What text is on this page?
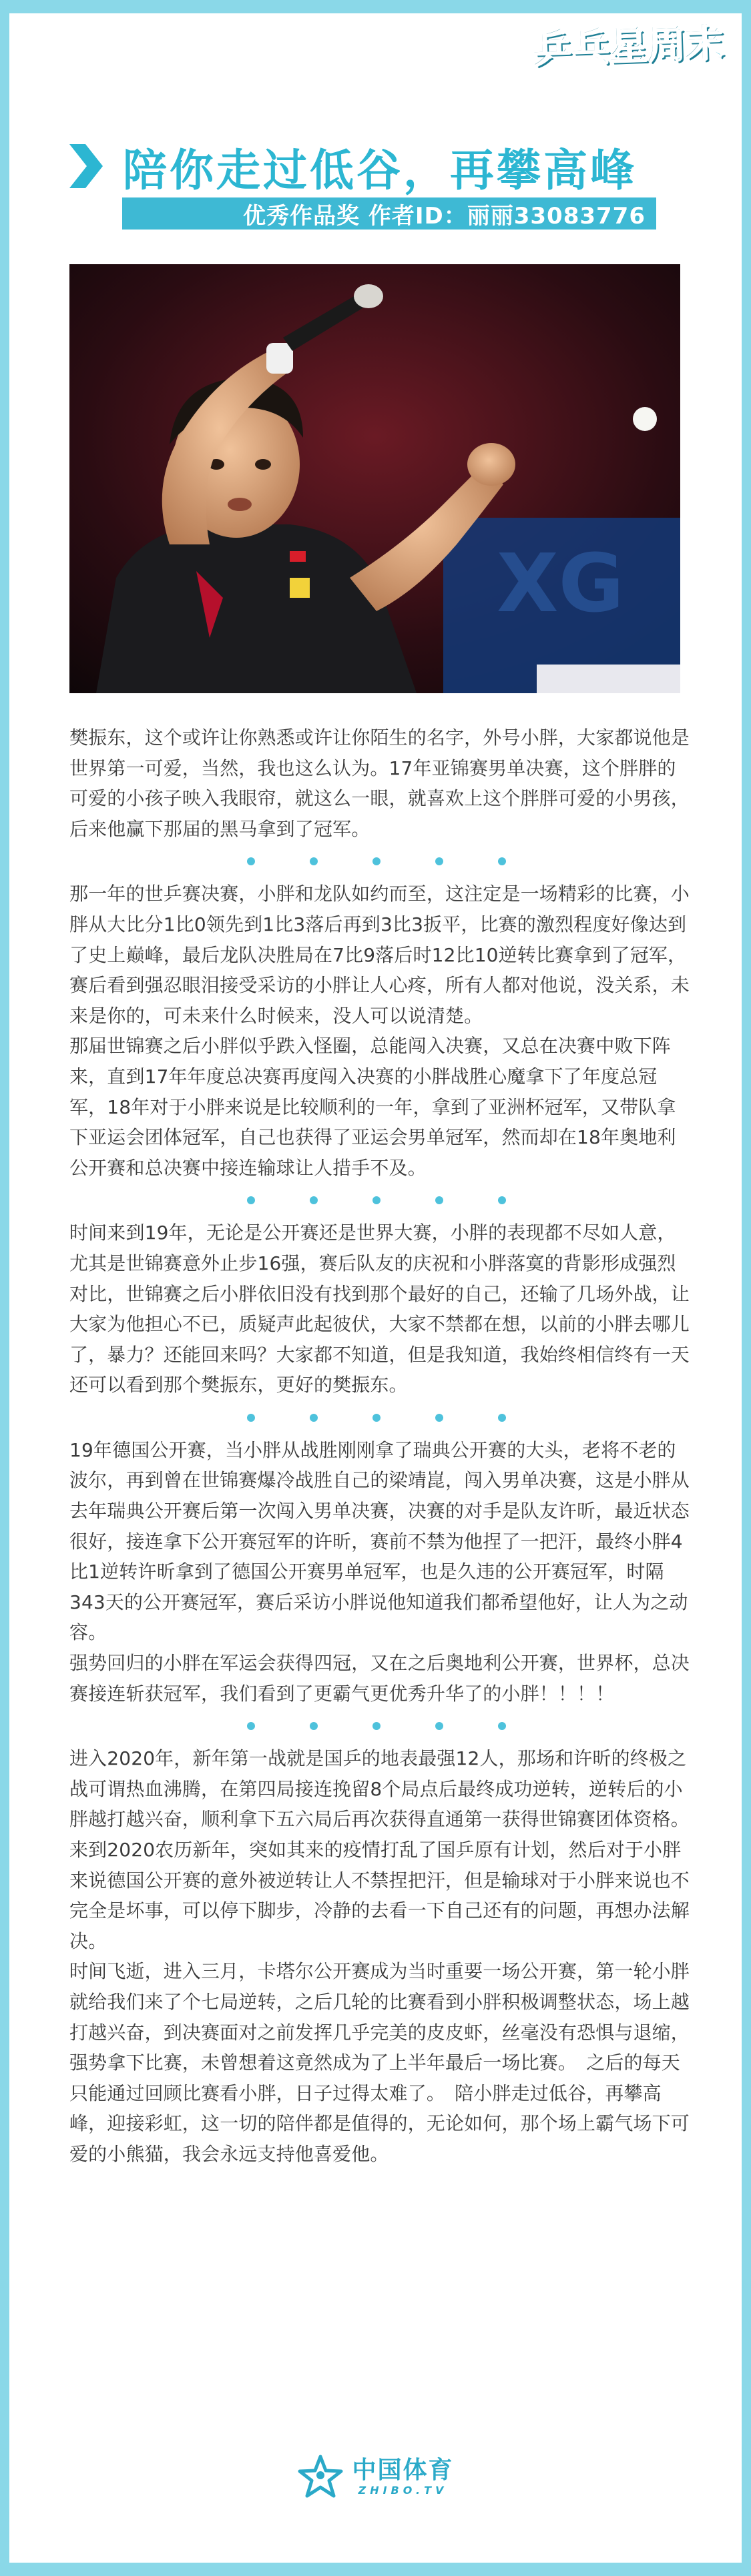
乒乓星周末
陪你走过低谷，再攀高峰
优秀作品奖 作者ID：丽丽33083776
XG

樊振东，这个或许让你熟悉或许让你陌生的名字，外号小胖，大家都说他是世界第一可爱，当然，我也这么认为。17年亚锦赛男单决赛，这个胖胖的可爱的小孩子映入我眼帘，就这么一眼，就喜欢上这个胖胖可爱的小男孩，后来他赢下那届的黑马拿到了冠军。

那一年的世乒赛决赛，小胖和龙队如约而至，这注定是一场精彩的比赛，小胖从大比分1比0领先到1比3落后再到3比3扳平，比赛的激烈程度好像达到了史上巅峰，最后龙队决胜局在7比9落后时12比10逆转比赛拿到了冠军，赛后看到强忍眼泪接受采访的小胖让人心疼，所有人都对他说，没关系，未来是你的，可未来什么时候来，没人可以说清楚。

那届世锦赛之后小胖似乎跌入怪圈，总能闯入决赛，又总在决赛中败下阵来，直到17年年度总决赛再度闯入决赛的小胖战胜心魔拿下了年度总冠军，18年对于小胖来说是比较顺利的一年，拿到了亚洲杯冠军，又带队拿下亚运会团体冠军，自己也获得了亚运会男单冠军，然而却在18年奥地利公开赛和总决赛中接连输球让人措手不及。

时间来到19年，无论是公开赛还是世界大赛，小胖的表现都不尽如人意，尤其是世锦赛意外止步16强，赛后队友的庆祝和小胖落寞的背影形成强烈对比，世锦赛之后小胖依旧没有找到那个最好的自己，还输了几场外战，让大家为他担心不已，质疑声此起彼伏，大家不禁都在想，以前的小胖去哪儿了，暴力？还能回来吗？大家都不知道，但是我知道，我始终相信终有一天还可以看到那个樊振东，更好的樊振东。

19年德国公开赛，当小胖从战胜刚刚拿了瑞典公开赛的大头，老将不老的波尔，再到曾在世锦赛爆冷战胜自己的梁靖崑，闯入男单决赛，这是小胖从去年瑞典公开赛后第一次闯入男单决赛，决赛的对手是队友许昕，最近状态很好，接连拿下公开赛冠军的许昕，赛前不禁为他捏了一把汗，最终小胖4比1逆转许昕拿到了德国公开赛男单冠军，也是久违的公开赛冠军，时隔343天的公开赛冠军，赛后采访小胖说他知道我们都希望他好，让人为之动容。

强势回归的小胖在军运会获得四冠，又在之后奥地利公开赛，世界杯，总决赛接连斩获冠军，我们看到了更霸气更优秀升华了的小胖！！！！

进入2020年，新年第一战就是国乒的地表最强12人，那场和许昕的终极之战可谓热血沸腾，在第四局接连挽留8个局点后最终成功逆转，逆转后的小胖越打越兴奋，顺利拿下五六局后再次获得直通第一获得世锦赛团体资格。

来到2020农历新年，突如其来的疫情打乱了国乒原有计划，然后对于小胖来说德国公开赛的意外被逆转让人不禁捏把汗，但是输球对于小胖来说也不完全是坏事，可以停下脚步，冷静的去看一下自己还有的问题，再想办法解决。

时间飞逝，进入三月，卡塔尔公开赛成为当时重要一场公开赛，第一轮小胖就给我们来了个七局逆转，之后几轮的比赛看到小胖积极调整状态，场上越打越兴奋，到决赛面对之前发挥几乎完美的皮皮虾，丝毫没有恐惧与退缩，强势拿下比赛，未曾想着这竟然成为了上半年最后一场比赛。　之后的每天只能通过回顾比赛看小胖，日子过得太难了。　陪小胖走过低谷，再攀高峰，迎接彩虹，这一切的陪伴都是值得的，无论如何，那个场上霸气场下可爱的小熊猫，我会永远支持他喜爱他。

中国体育
ZHIBO.TV
